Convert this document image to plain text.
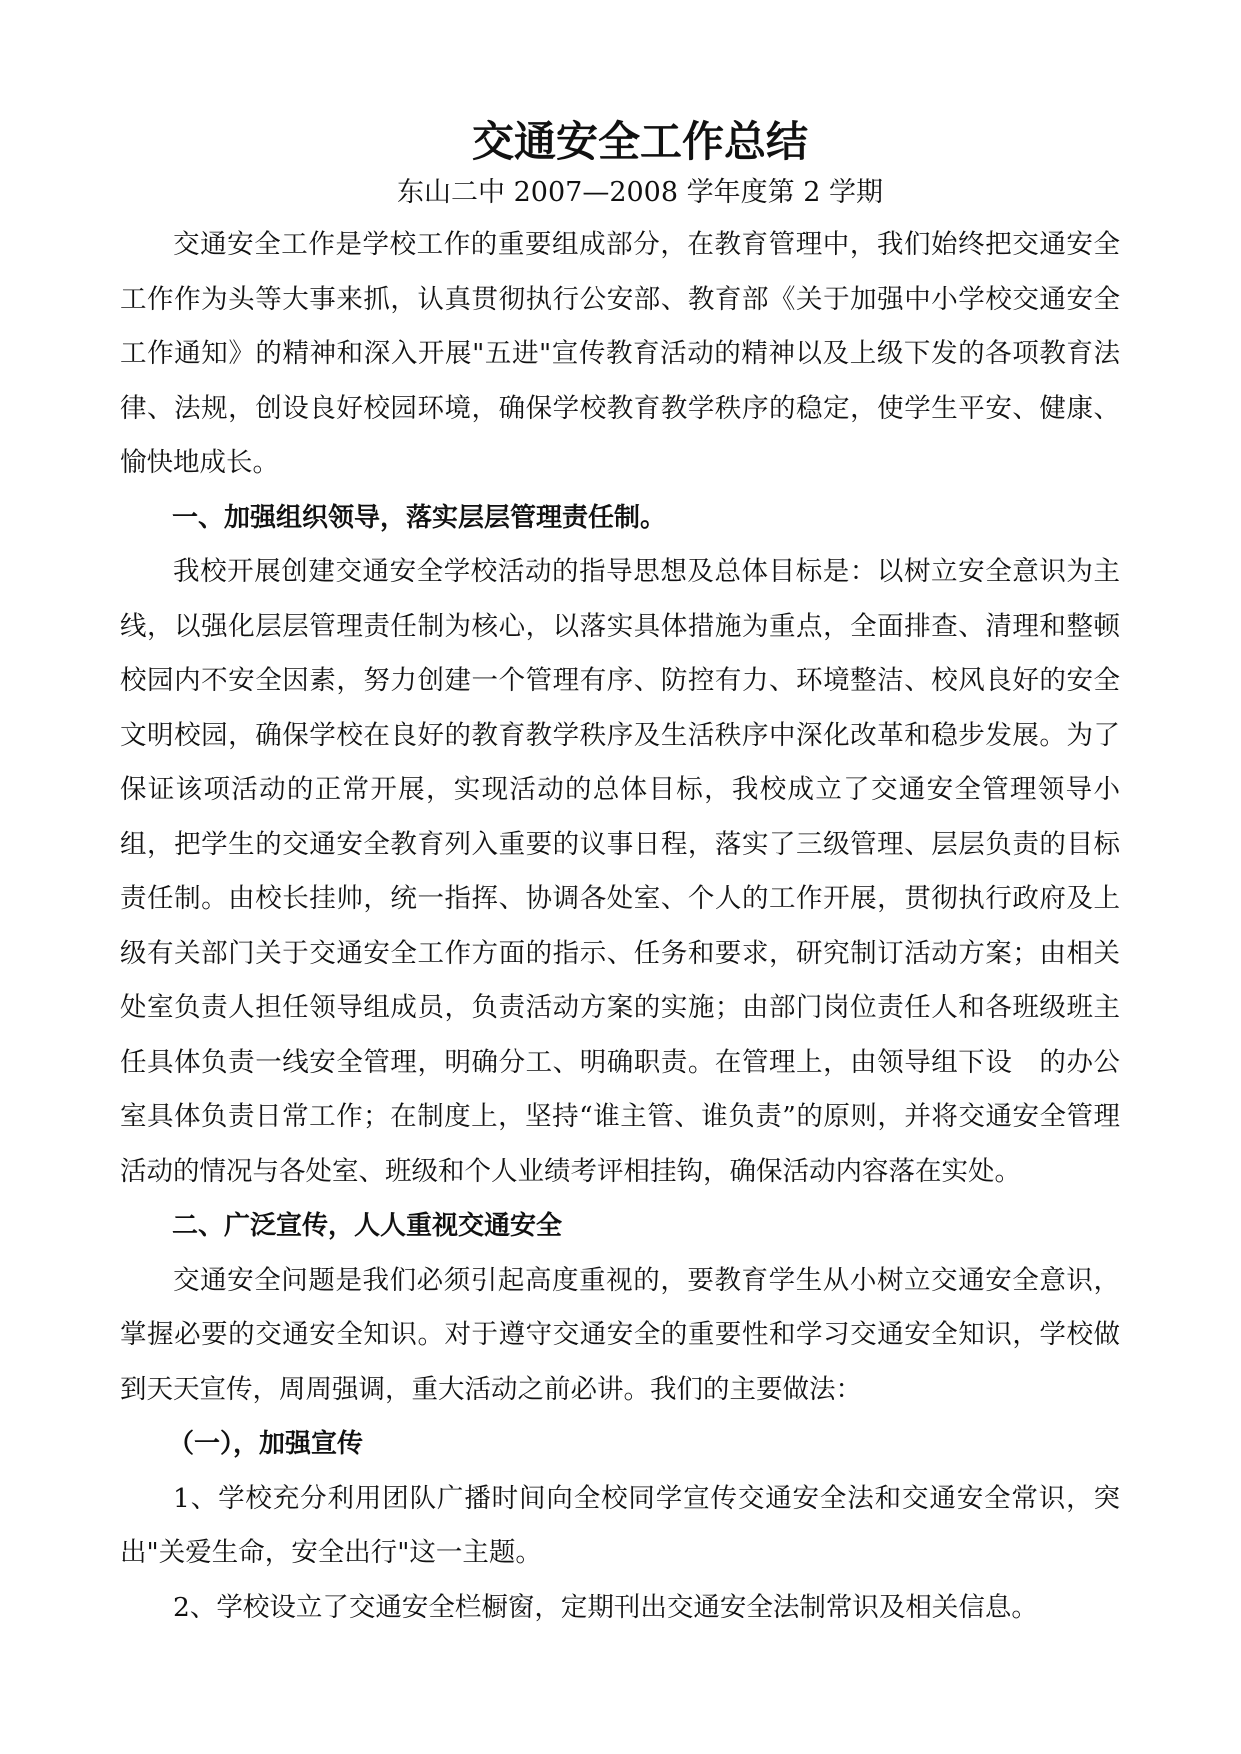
交通安全工作总结

东山二中 2007—2008 学年度第 2 学期

交通安全工作是学校工作的重要组成部分，在教育管理中，我们始终把交通安全工作作为头等大事来抓，认真贯彻执行公安部、教育部《关于加强中小学校交通安全工作通知》的精神和深入开展"五进"宣传教育活动的精神以及上级下发的各项教育法律、法规，创设良好校园环境，确保学校教育教学秩序的稳定，使学生平安、健康、愉快地成长。

一、加强组织领导，落实层层管理责任制。

我校开展创建交通安全学校活动的指导思想及总体目标是：以树立安全意识为主线，以强化层层管理责任制为核心，以落实具体措施为重点，全面排查、清理和整顿校园内不安全因素，努力创建一个管理有序、防控有力、环境整洁、校风良好的安全文明校园，确保学校在良好的教育教学秩序及生活秩序中深化改革和稳步发展。为了保证该项活动的正常开展，实现活动的总体目标，我校成立了交通安全管理领导小组，把学生的交通安全教育列入重要的议事日程，落实了三级管理、层层负责的目标责任制。由校长挂帅，统一指挥、协调各处室、个人的工作开展，贯彻执行政府及上级有关部门关于交通安全工作方面的指示、任务和要求，研究制订活动方案；由相关处室负责人担任领导组成员，负责活动方案的实施；由部门岗位责任人和各班级班主任具体负责一线安全管理，明确分工、明确职责。在管理上，由领导组下设　的办公室具体负责日常工作；在制度上，坚持“谁主管、谁负责”的原则，并将交通安全管理活动的情况与各处室、班级和个人业绩考评相挂钩，确保活动内容落在实处。

二、广泛宣传，人人重视交通安全

交通安全问题是我们必须引起高度重视的，要教育学生从小树立交通安全意识，掌握必要的交通安全知识。对于遵守交通安全的重要性和学习交通安全知识，学校做到天天宣传，周周强调，重大活动之前必讲。我们的主要做法：

（一），加强宣传

1、学校充分利用团队广播时间向全校同学宣传交通安全法和交通安全常识，突出"关爱生命，安全出行"这一主题。

2、学校设立了交通安全栏橱窗，定期刊出交通安全法制常识及相关信息。
